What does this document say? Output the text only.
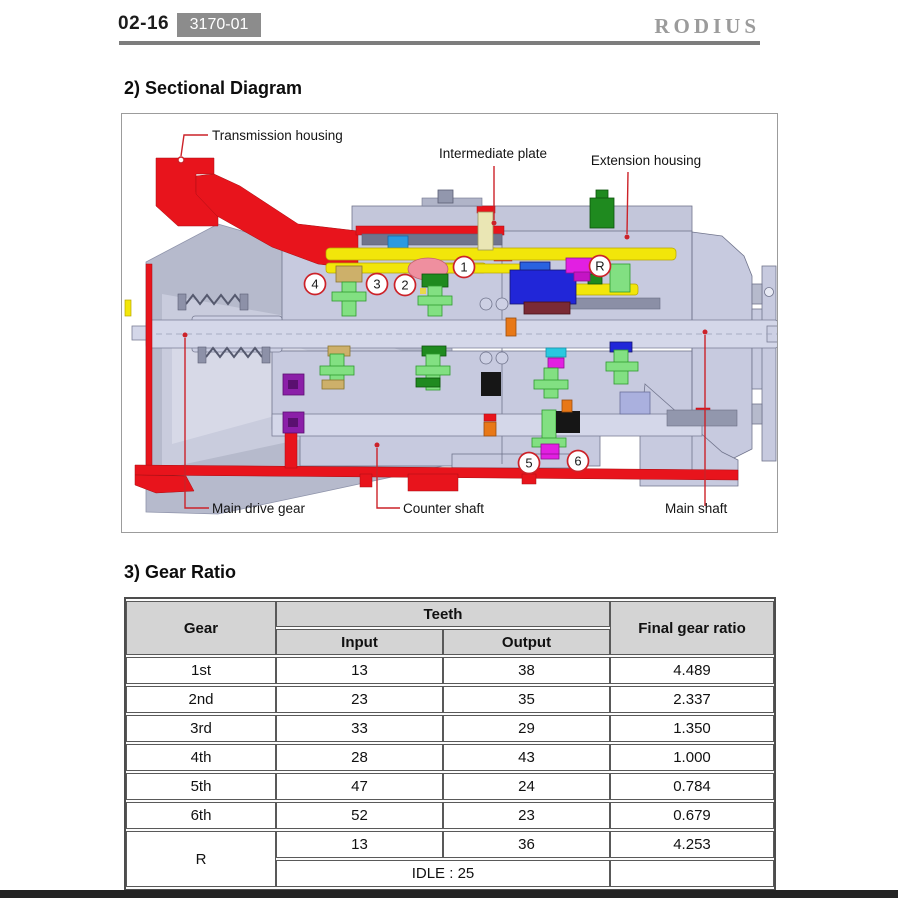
02-16	3170-01	RODIUS
2) Sectional Diagram
Transmission housing
Intermediate plate	Extension housing
Main drive gear	Counter shaft	Main shaft
1
2
3
4
5	6
R
3) Gear Ratio
Gear	Teeth		Final gear ratio
	Input	Output	
1st	13	38	4.489
2nd	23	35	2.337
3rd	33	29	1.350
4th	28	43	1.000
5th	47	24	0.784
6th	52	23	0.679
R	13	36	4.253
	IDLE : 25		
